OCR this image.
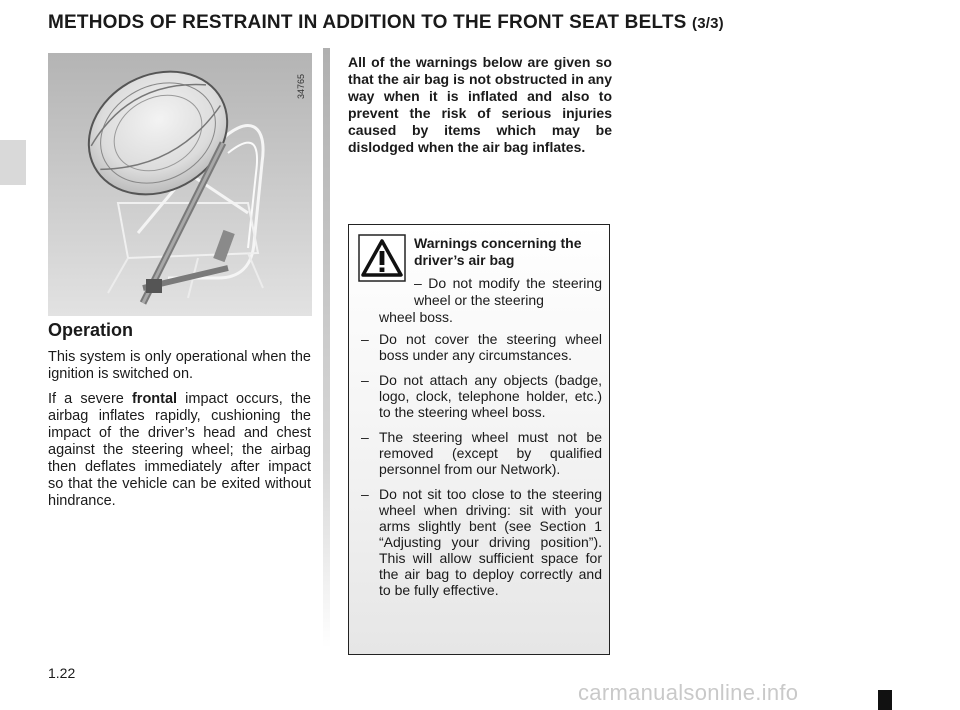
METHODS OF RESTRAINT IN ADDITION TO THE FRONT SEAT BELTS (3/3)
34765
Operation

This system is only operational when the ignition is switched on.

If a severe frontal impact occurs, the airbag inflates rapidly, cushioning the impact of the driver’s head and chest against the steering wheel; the airbag then deflates immediately after impact so that the vehicle can be exited without hindrance.

All of the warnings below are given so that the air bag is not obstructed in any way when it is inflated and also to prevent the risk of serious injuries caused by items which may be dislodged when the air bag inflates.

Warnings concerning the driver’s air bag

– Do not modify the steering wheel or the steering

wheel boss.

– Do not cover the steering wheel boss under any circumstances.

– Do not attach any objects (badge, logo, clock, telephone holder, etc.) to the steering wheel boss.

– The steering wheel must not be removed (except by qualified personnel from our Network).

– Do not sit too close to the steering wheel when driving: sit with your arms slightly bent (see Section 1 “Adjusting your driving position”). This will allow sufficient space for the air bag to deploy correctly and to be fully effective.

1.22
carmanualsonline.info
